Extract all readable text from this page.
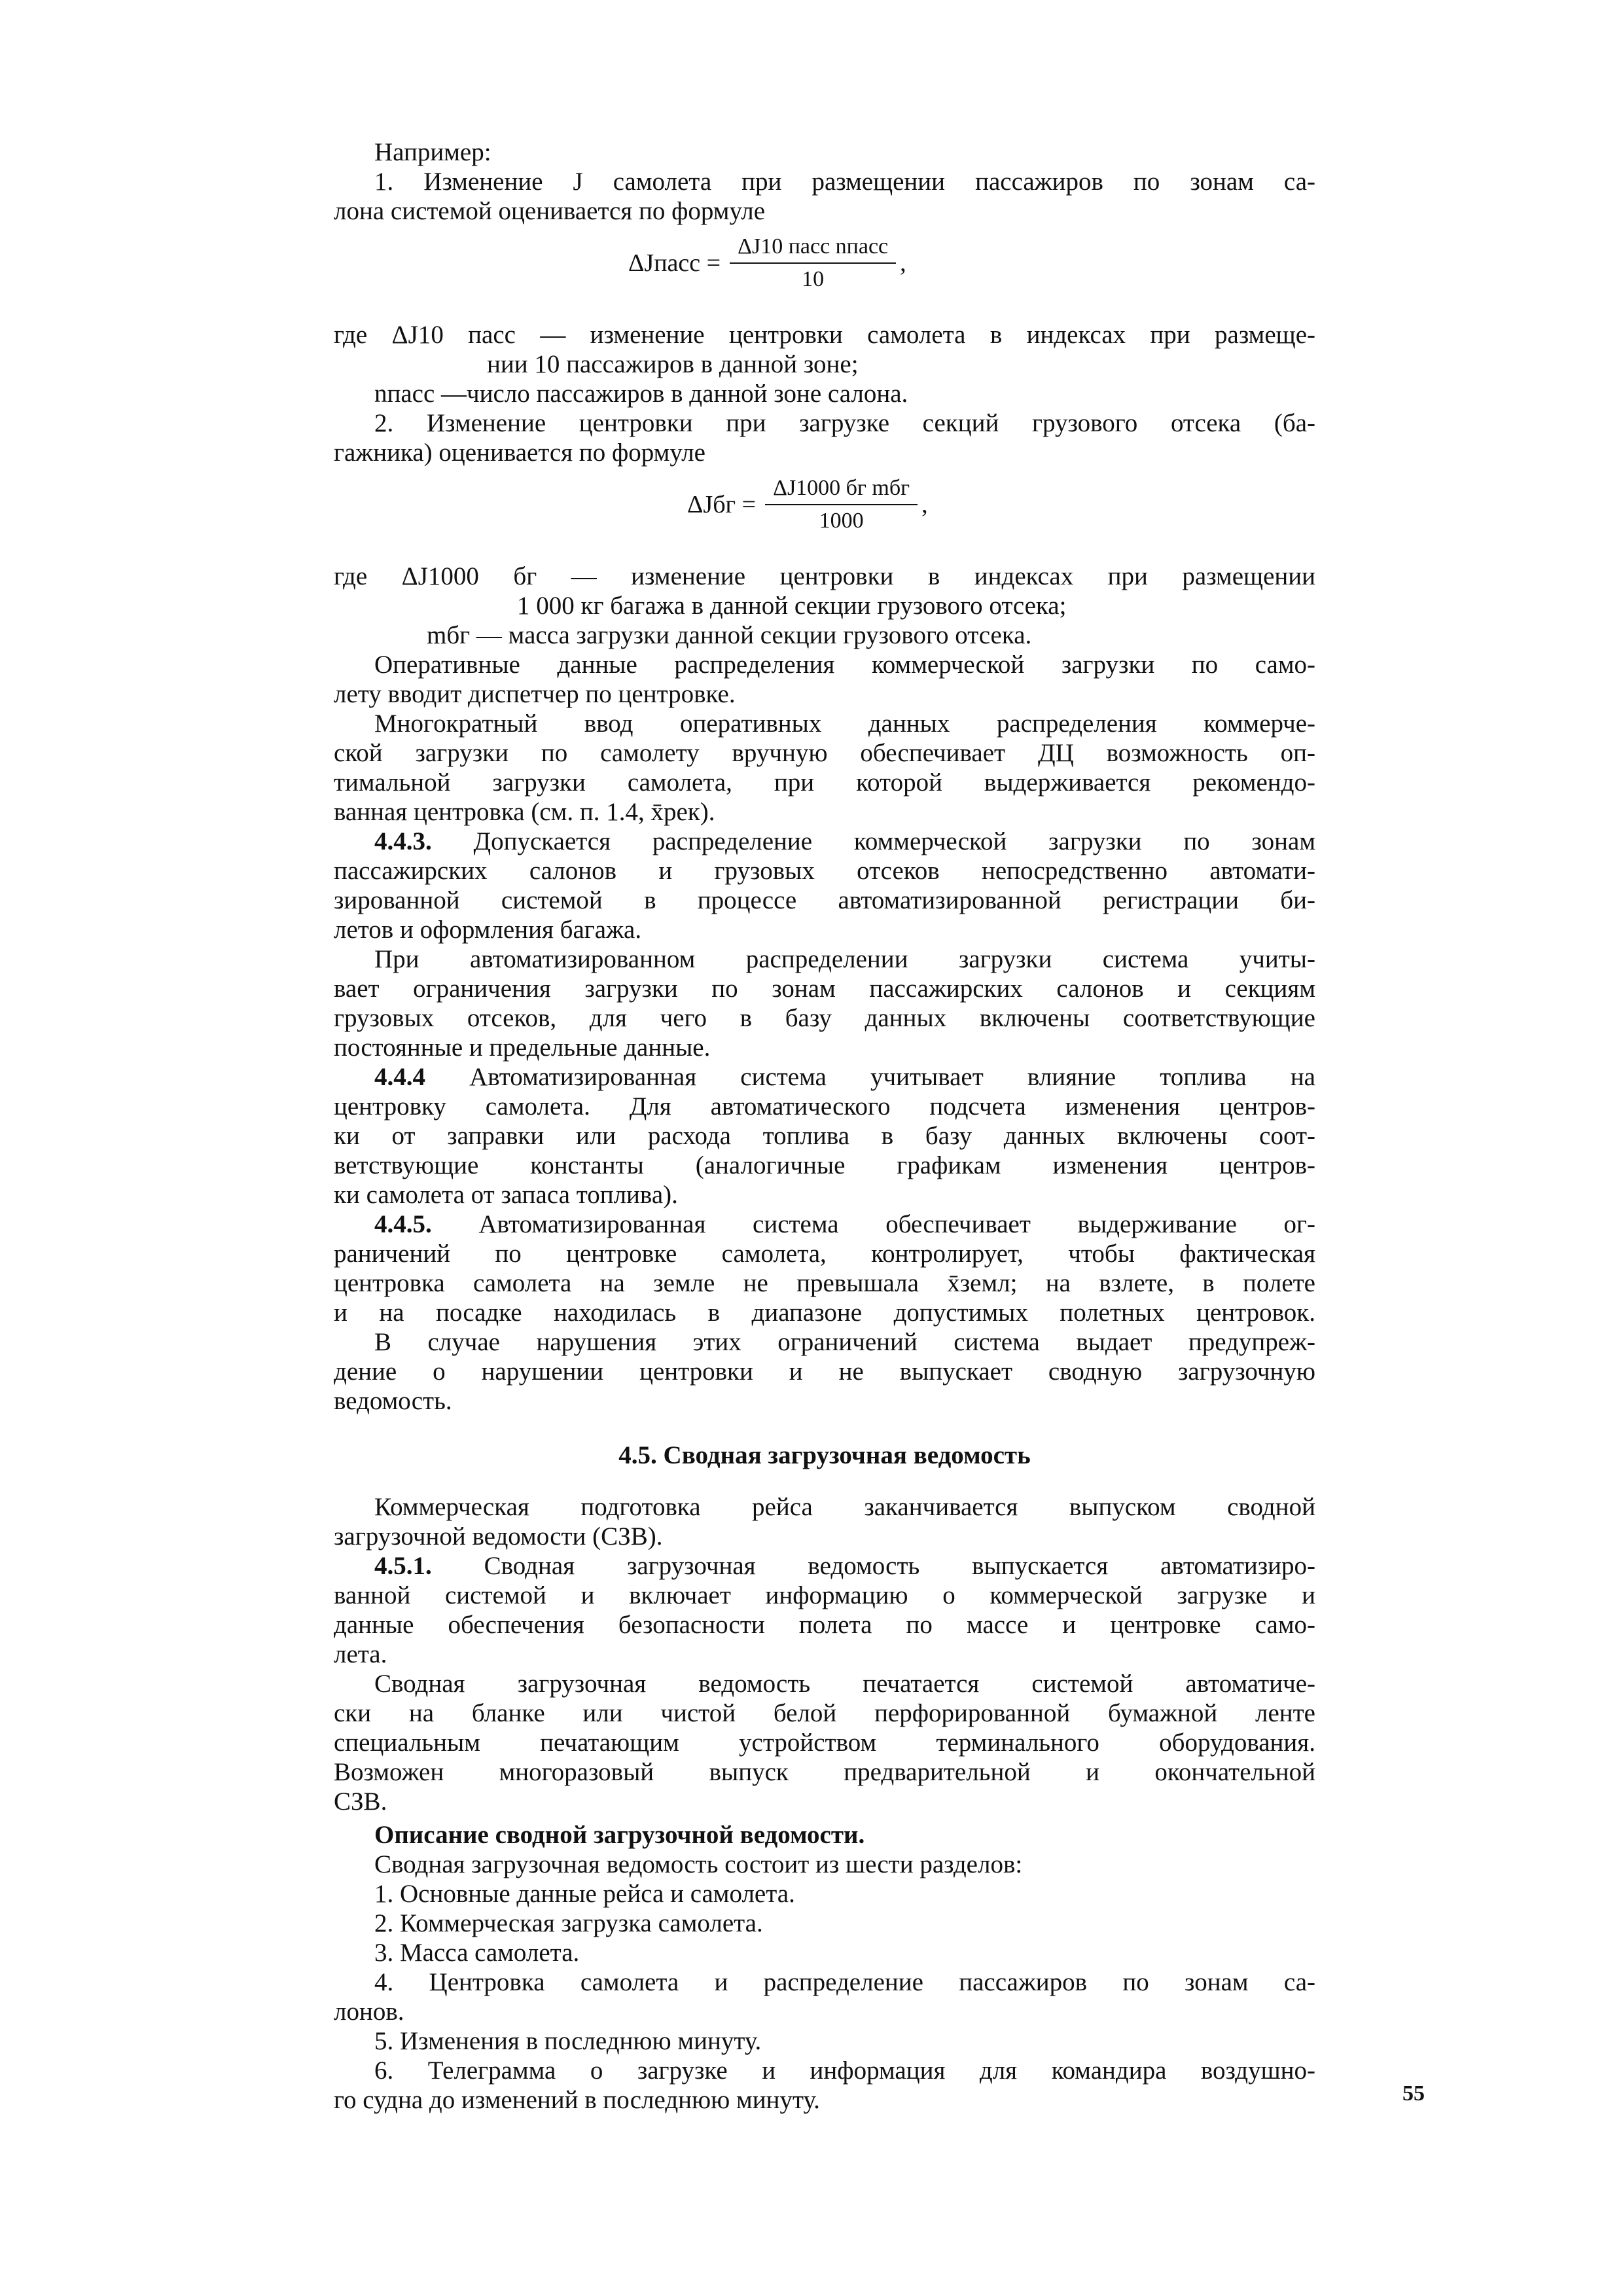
Например:

1. Изменение J самолета при размещении пассажиров по зонам са-

лона системой оценивается по формуле

ΔJпасс = $\frac{\text{ΔJ10 пасс nпасс}}{10}$ ,

где ΔJ10 пасс — изменение центровки самолета в индексах при размеще-

нии 10 пассажиров в данной зоне;

nпасс —число пассажиров в данной зоне салона.

2. Изменение центровки при загрузке секций грузового отсека (ба-

гажника) оценивается по формуле

$\Delta Jбг = \frac{\text{ΔJ1000 бг mбг}}{1000}$ ,

где ΔJ1000 бг — изменение центровки в индексах при размещении

1 000 кг багажа в данной секции грузового отсека;

mбг — масса загрузки данной секции грузового отсека.

Оперативные данные распределения коммерческой загрузки по само-

лету вводит диспетчер по центровке.

Многократный ввод оперативных данных распределения коммерче-

ской загрузки по самолету вручную обеспечивает ДЦ возможность оп-

тимальной загрузки самолета, при которой выдерживается рекомендо-

ванная центровка (см. п. 1.4, x̄рек).

4.4.3. Допускается распределение коммерческой загрузки по зонам

пассажирских салонов и грузовых отсеков непосредственно автомати-

зированной системой в процессе автоматизированной регистрации би-

летов и оформления багажа.

При автоматизированном распределении загрузки система учиты-

вает ограничения загрузки по зонам пассажирских салонов и секциям

грузовых отсеков, для чего в базу данных включены соответствующие

постоянные и предельные данные.

4.4.4 Автоматизированная система учитывает влияние топлива на

центровку самолета. Для автоматического подсчета изменения центров-

ки от заправки или расхода топлива в базу данных включены соот-

ветствующие константы (аналогичные графикам изменения центров-

ки самолета от запаса топлива).

4.4.5. Автоматизированная система обеспечивает выдерживание ог-

раничений по центровке самолета, контролирует, чтобы фактическая

центровка самолета на земле не превышала x̄земл; на взлете, в полете

и на посадке находилась в диапазоне допустимых полетных центровок.

В случае нарушения этих ограничений система выдает предупреж-

дение о нарушении центровки и не выпускает сводную загрузочную

ведомость.

4.5. Сводная загрузочная ведомость

Коммерческая подготовка рейса заканчивается выпуском сводной

загрузочной ведомости (СЗВ).

4.5.1. Сводная загрузочная ведомость выпускается автоматизиро-

ванной системой и включает информацию о коммерческой загрузке и

данные обеспечения безопасности полета по массе и центровке само-

лета.

Сводная загрузочная ведомость печатается системой автоматиче-

ски на бланке или чистой белой перфорированной бумажной ленте

специальным печатающим устройством терминального оборудования.

Возможен многоразовый выпуск предварительной и окончательной

СЗВ.

Описание сводной загрузочной ведомости.

Сводная загрузочная ведомость состоит из шести разделов:

1. Основные данные рейса и самолета.

2. Коммерческая загрузка самолета.

3. Масса самолета.

4. Центровка самолета и распределение пассажиров по зонам са-

лонов.

5. Изменения в последнюю минуту.

6. Телеграмма о загрузке и информация для командира воздушно-

го судна до изменений в последнюю минуту.	55
